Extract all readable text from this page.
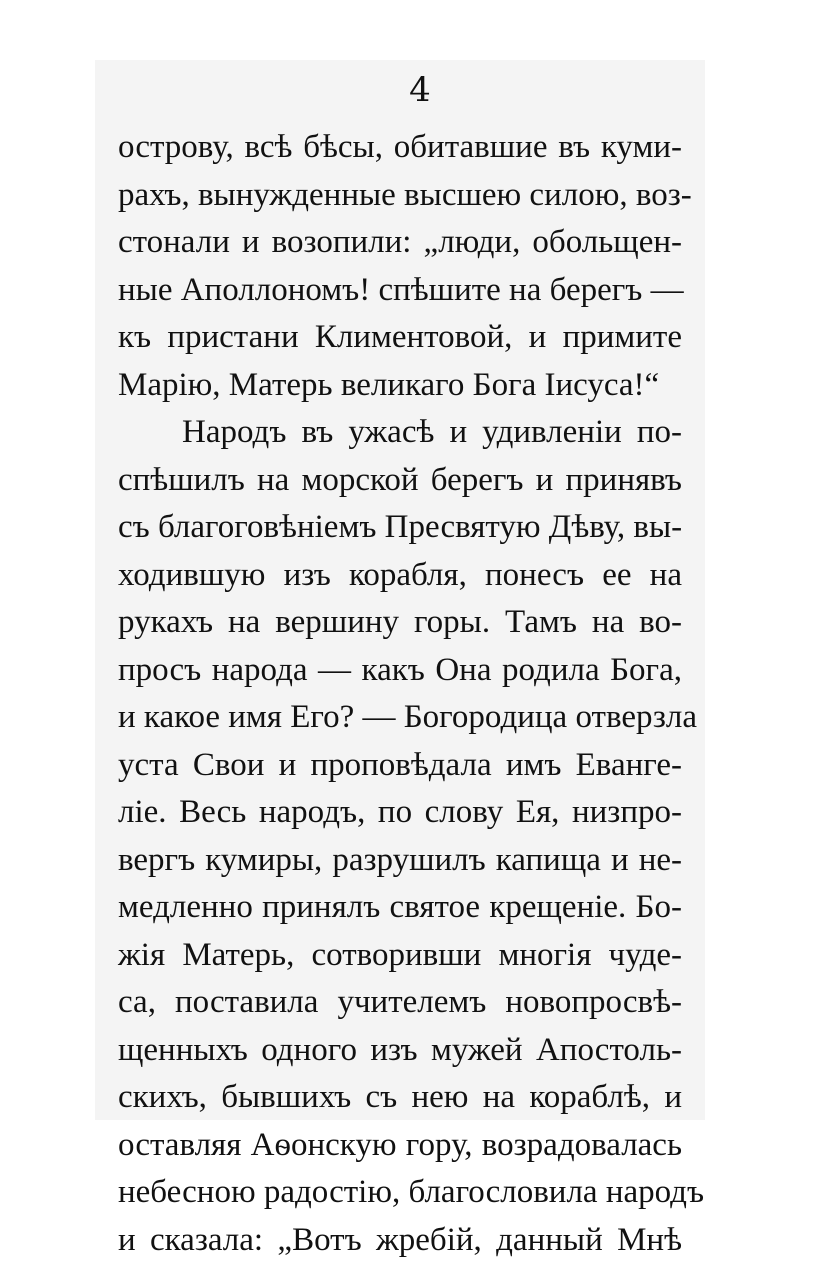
4
острову, всѣ бѣсы, обитавшие въ куми-
рахъ, вынужденные высшею силою, воз-
стонали и возопили: „люди, обольщен-
ные Аполлономъ! спѣшите на берегъ —
къ пристани Климентовой, и примите
Марію, Матерь великаго Бога Іисуса!“
Народъ въ ужасѣ и удивленіи по-
спѣшилъ на морской берегъ и принявъ
съ благоговѣніемъ Пресвятую Дѣву, вы-
ходившую изъ корабля, понесъ ее на
рукахъ на вершину горы. Тамъ на во-
просъ народа — какъ Она родила Бога,
и какое имя Его? — Богородица отверзла
уста Свои и проповѣдала имъ Еванге-
ліе. Весь народъ, по слову Ея, низпро-
вергъ кумиры, разрушилъ капища и не-
медленно принялъ святое крещеніе. Бо-
жія Матерь, сотворивши многія чуде-
са, поставила учителемъ новопросвѣ-
щенныхъ одного изъ мужей Апостоль-
скихъ, бывшихъ съ нею на кораблѣ, и
оставляя Аѳонскую гору, возрадовалась
небесною радостію, благословила народъ
и сказала: „Вотъ жребій, данный Мнѣ
